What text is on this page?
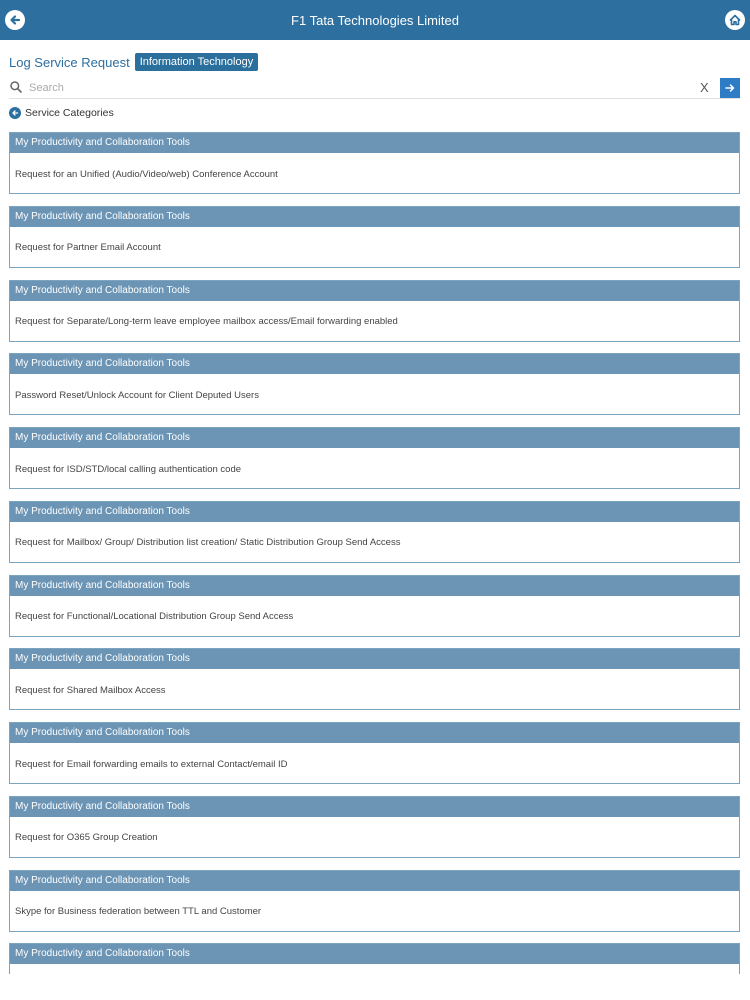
F1 Tata Technologies Limited
Log Service Request Information Technology
Search
X
Service Categories
My Productivity and Collaboration Tools
Request for an Unified (Audio/Video/web) Conference Account
My Productivity and Collaboration Tools
Request for Partner Email Account
My Productivity and Collaboration Tools
Request for Separate/Long-term leave employee mailbox access/Email forwarding enabled
My Productivity and Collaboration Tools
Password Reset/Unlock Account for Client Deputed Users
My Productivity and Collaboration Tools
Request for ISD/STD/local calling authentication code
My Productivity and Collaboration Tools
Request for Mailbox/ Group/ Distribution list creation/ Static Distribution Group Send Access
My Productivity and Collaboration Tools
Request for Functional/Locational Distribution Group Send Access
My Productivity and Collaboration Tools
Request for Shared Mailbox Access
My Productivity and Collaboration Tools
Request for Email forwarding emails to external Contact/email ID
My Productivity and Collaboration Tools
Request for O365 Group Creation
My Productivity and Collaboration Tools
Skype for Business federation between TTL and Customer
My Productivity and Collaboration Tools
